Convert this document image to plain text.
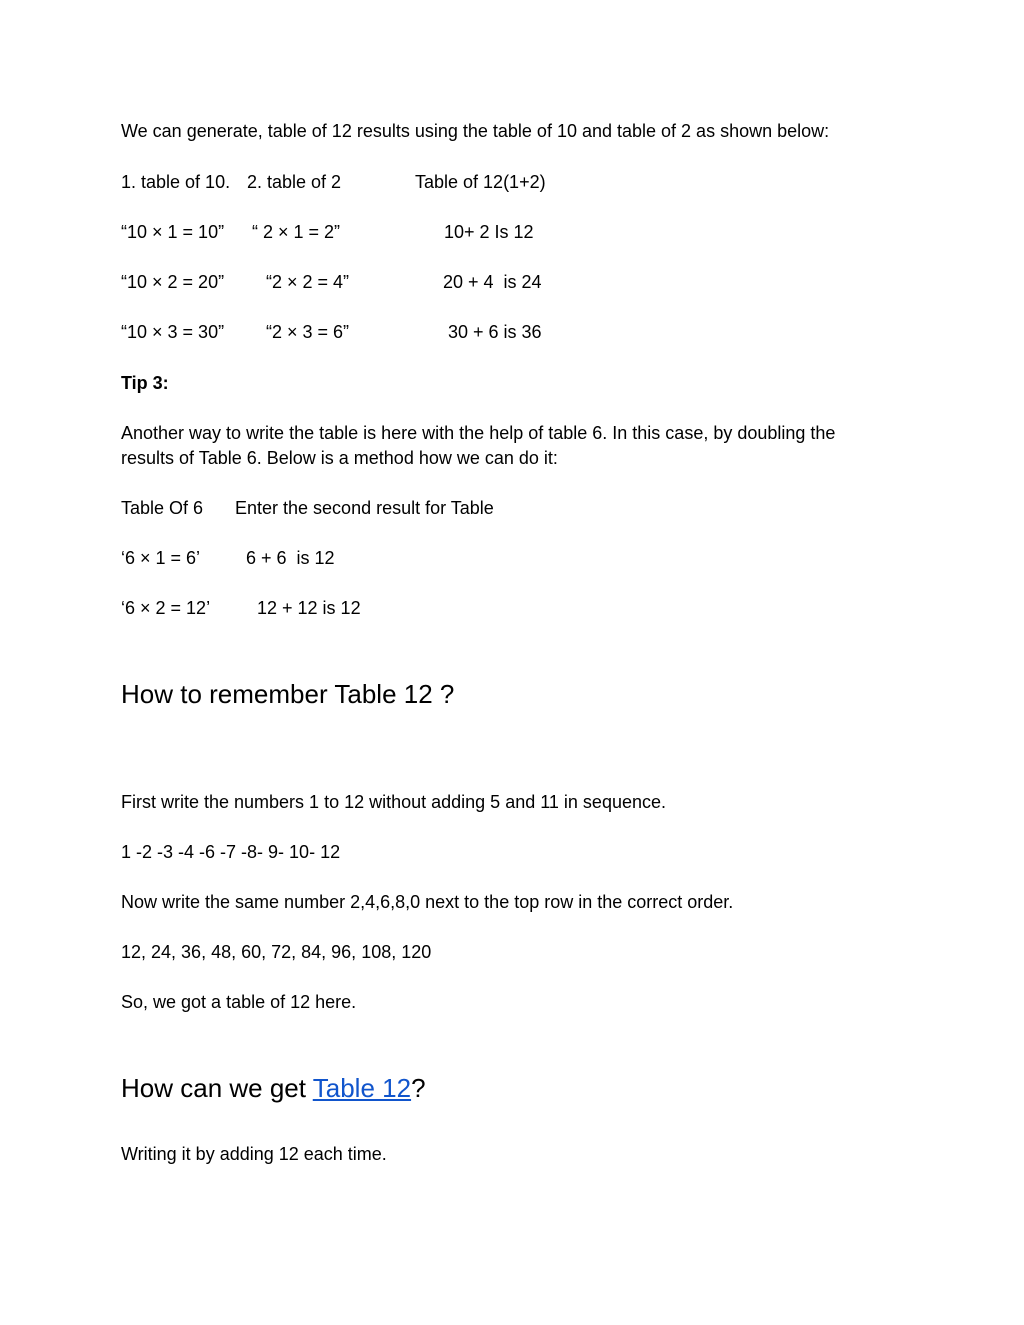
We can generate, table of 12 results using the table of 10 and table of 2 as shown below:
1. table of 10. 2. table of 2	Table of 12(1+2)
“10 × 1 = 10” “ 2 × 1 = 2”	10+ 2 Is 12
“10 × 2 = 20” “2 × 2 = 4”	20 + 4  is 24
“10 × 3 = 30” “2 × 3 = 6”	30 + 6 is 36
Tip 3:
Another way to write the table is here with the help of table 6. In this case, by doubling the results of Table 6. Below is a method how we can do it:
Table Of 6 Enter the second result for Table
‘6 × 1 = 6’	6 + 6  is 12
‘6 × 2 = 12’	12 + 12 is 12
How to remember Table 12 ?
First write the numbers 1 to 12 without adding 5 and 11 in sequence.
1 -2 -3 -4 -6 -7 -8- 9- 10- 12
Now write the same number 2,4,6,8,0 next to the top row in the correct order.
12, 24, 36, 48, 60, 72, 84, 96, 108, 120
So, we got a table of 12 here.
How can we get Table 12?
Writing it by adding 12 each time.
